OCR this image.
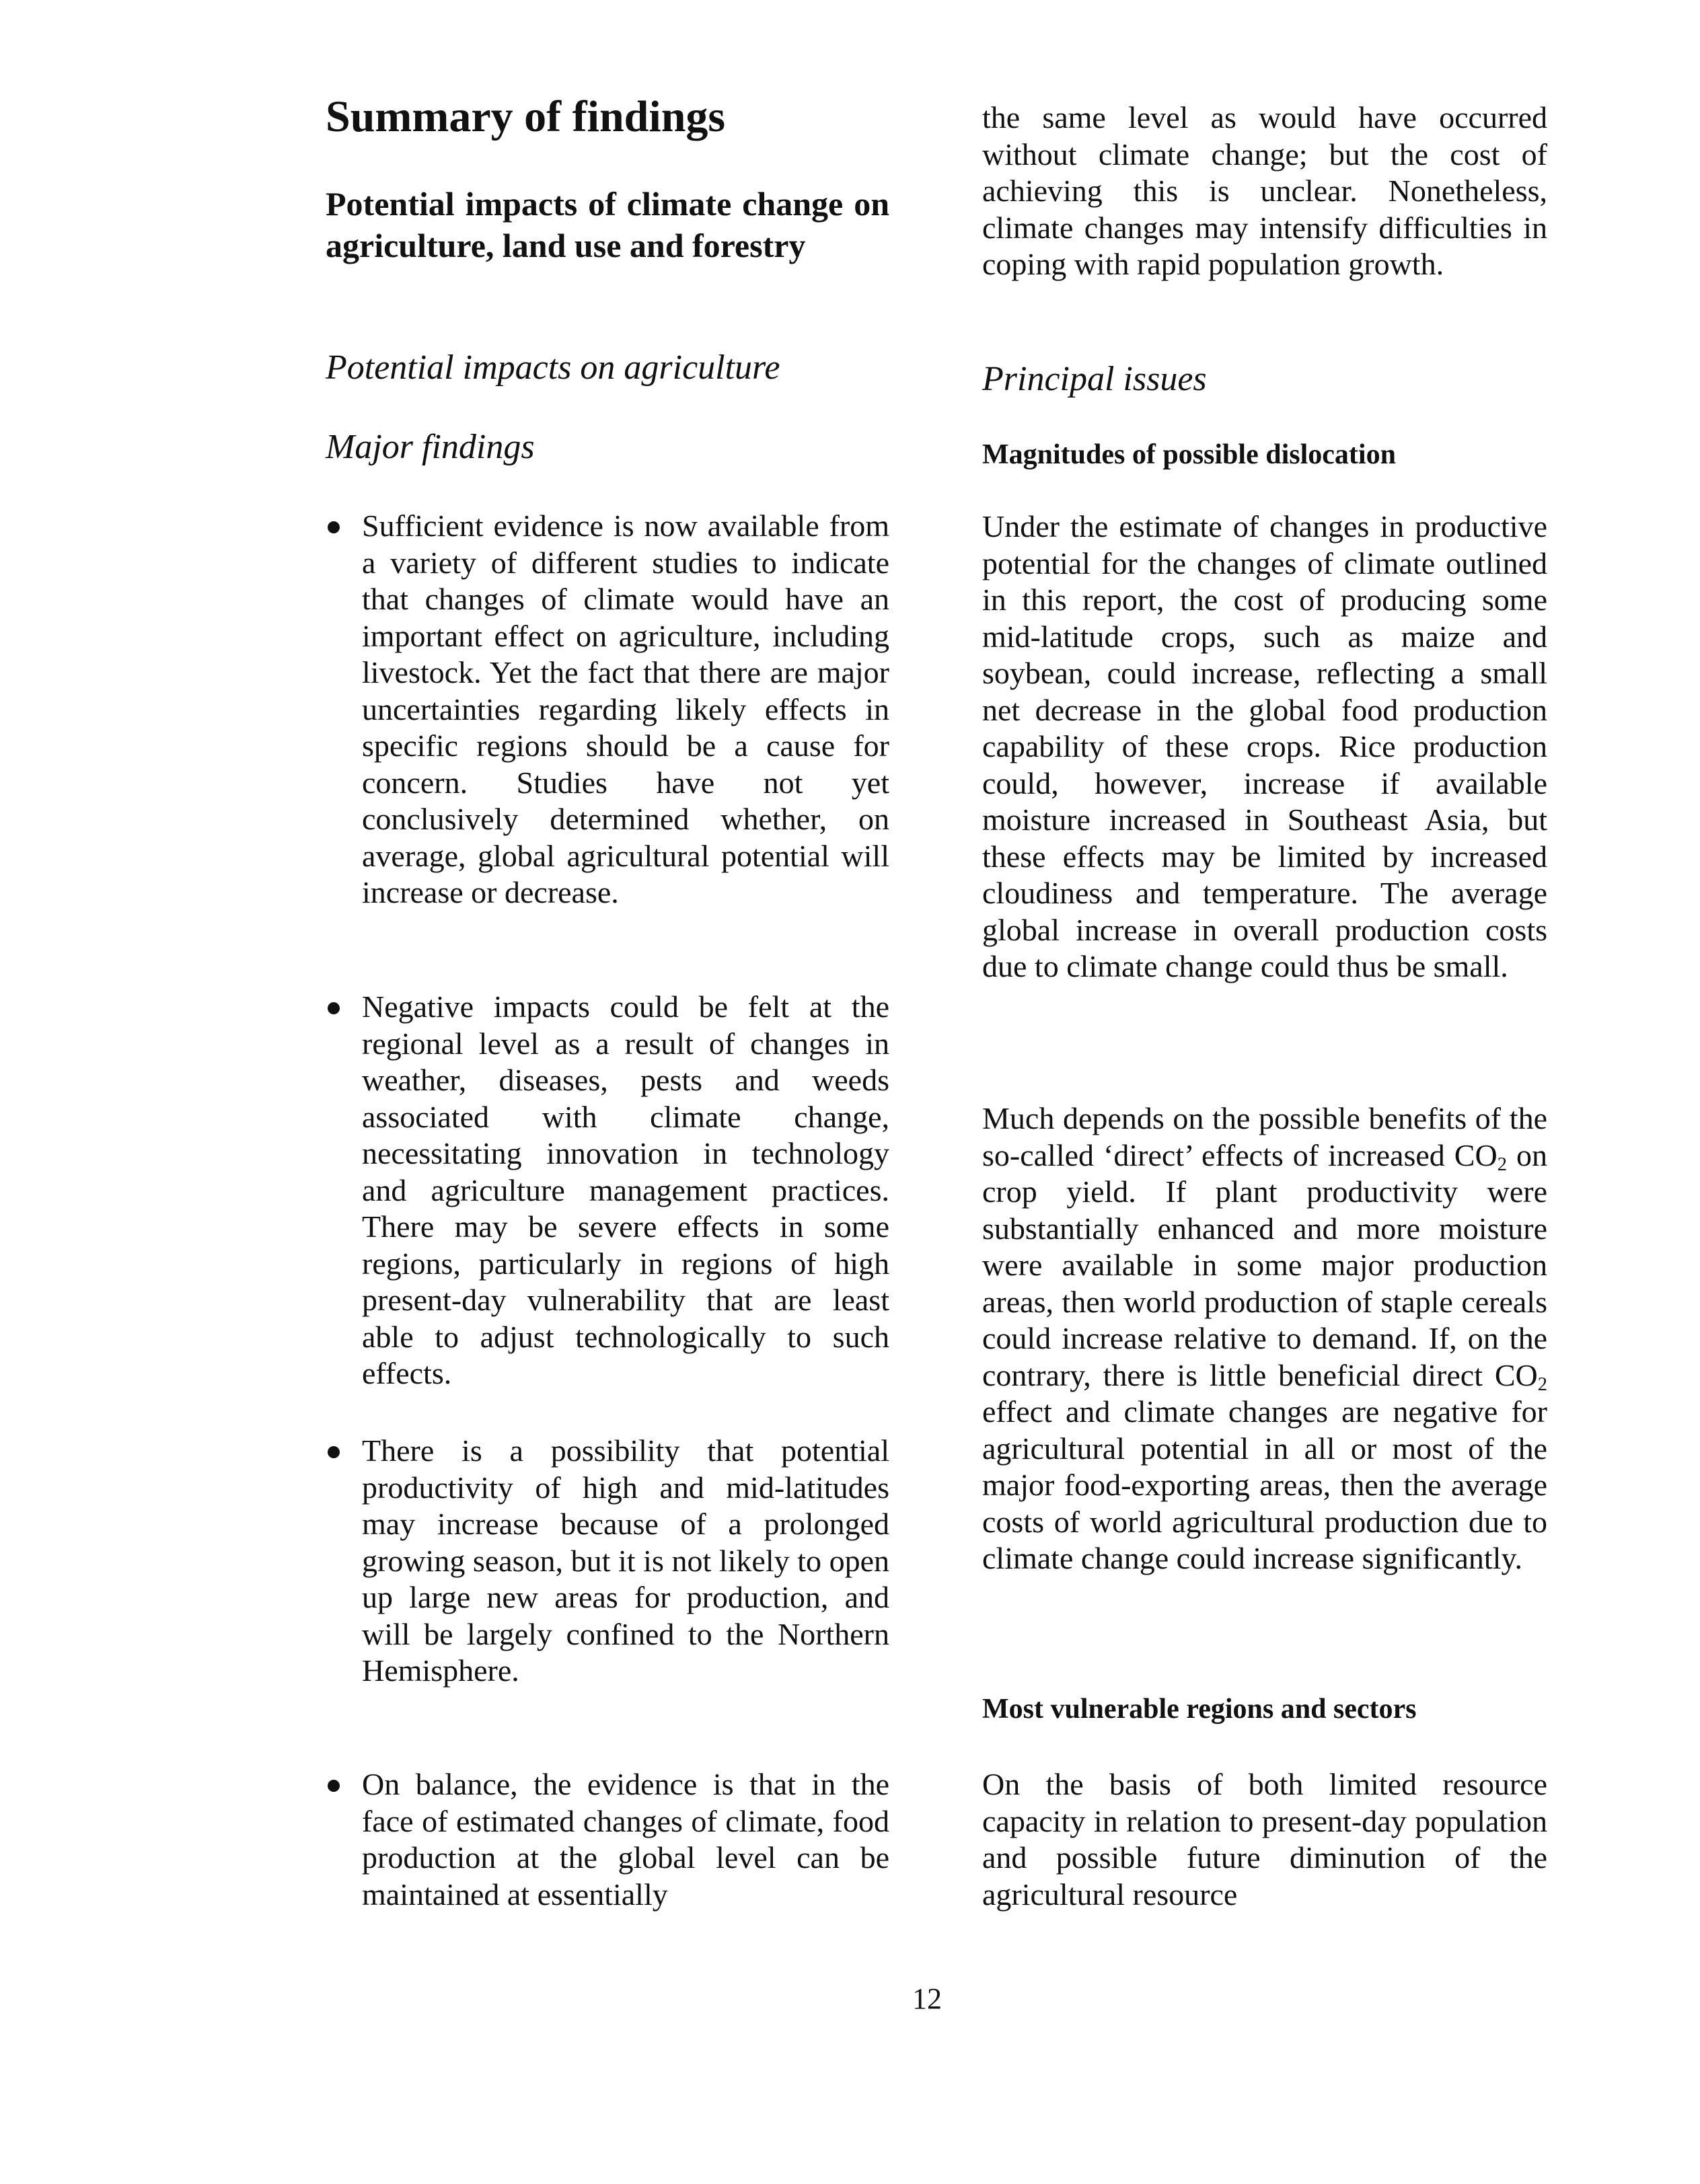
Summary of findings
Potential impacts of climate change on agriculture, land use and forestry
Potential impacts on agriculture
Major findings

Sufficient evidence is now available from a variety of different studies to indicate that changes of climate would have an important effect on agriculture, including livestock. Yet the fact that there are major uncertainties regarding likely effects in specific regions should be a cause for concern. Studies have not yet conclusively determined whether, on average, global agricultural potential will increase or decrease.

Negative impacts could be felt at the regional level as a result of changes in weather, diseases, pests and weeds associated with climate change, necessitating innovation in technology and agriculture management practices. There may be severe effects in some regions, particularly in regions of high present-day vulnerability that are least able to adjust technologically to such effects.

There is a possibility that potential productivity of high and mid-latitudes may increase because of a prolonged growing season, but it is not likely to open up large new areas for production, and will be largely confined to the Northern Hemisphere.

On balance, the evidence is that in the face of estimated changes of climate, food production at the global level can be maintained at essentially

the same level as would have occurred without climate change; but the cost of achieving this is unclear. Nonetheless, climate changes may intensify difficulties in coping with rapid population growth.

Principal issues
Magnitudes of possible dislocation

Under the estimate of changes in productive potential for the changes of climate outlined in this report, the cost of producing some mid-latitude crops, such as maize and soybean, could increase, reflecting a small net decrease in the global food production capability of these crops. Rice production could, however, increase if available moisture increased in Southeast Asia, but these effects may be limited by increased cloudiness and temperature. The average global increase in overall production costs due to climate change could thus be small.

Much depends on the possible benefits of the so-called ‘direct’ effects of increased $CO_2$ on crop yield. If plant productivity were substantially enhanced and more moisture were available in some major production areas, then world production of staple cereals could increase relative to demand. If, on the contrary, there is little beneficial direct $CO_2$ effect and climate changes are negative for agricultural potential in all or most of the major food-exporting areas, then the average costs of world agricultural production due to climate change could increase significantly.

Most vulnerable regions and sectors

On the basis of both limited resource capacity in relation to present-day population and possible future diminution of the agricultural resource

12
